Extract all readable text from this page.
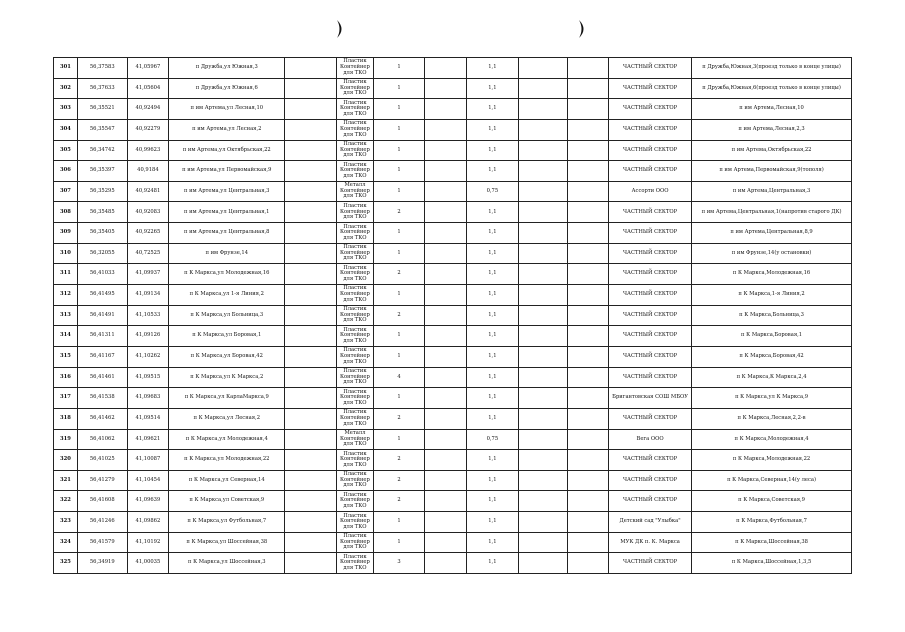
301	56,37583	41,05967	п Дружба,ул Южная,3		Пластик Контейнер для ТКО	1		1,1			ЧАСТНЫЙ СЕКТОР	п Дружба,Южная,3(проезд только в конце улицы)
302	56,37633	41,05604	п Дружба,ул Южная,6		Пластик Контейнер для ТКО	1		1,1			ЧАСТНЫЙ СЕКТОР	п Дружба,Южная,6(проезд только в конце улицы)
303	56,35521	40,92494	п им Артема,ул Лесная,10		Пластик Контейнер для ТКО	1		1,1			ЧАСТНЫЙ СЕКТОР	п им Артема,Лесная,10
304	56,35547	40,92279	п им Артема,ул Лесная,2		Пластик Контейнер для ТКО	1		1,1			ЧАСТНЫЙ СЕКТОР	п им Артема,Лесная,2,3
305	56,34742	40,99623	п им Артема,ул Октябрьская,22		Пластик Контейнер для ТКО	1		1,1			ЧАСТНЫЙ СЕКТОР	п им Артема,Октябрьская,22
306	56,35397	40,9184	п им Артема,ул Первомайская,9		Пластик Контейнер для ТКО	1		1,1			ЧАСТНЫЙ СЕКТОР	п им Артема,Первомайская,9(тополя)
307	56,35295	40,92481	п им Артема,ул Центральная,3		Металл Контейнер для ТКО	1		0,75			Ассорти ООО	п им Артема,Центральная,3
308	56,35485	40,92083	п им Артема,ул Центральная,1		Пластик Контейнер для ТКО	2		1,1			ЧАСТНЫЙ СЕКТОР	п им Артема,Центральная,1(напротив старого ДК)
309	56,35405	40,92265	п им Артема,ул Центральная,8		Пластик Контейнер для ТКО	1		1,1			ЧАСТНЫЙ СЕКТОР	п им Артема,Центральная,8,9
310	56,32055	40,72525	п им Фрунзе,14		Пластик Контейнер для ТКО	1		1,1			ЧАСТНЫЙ СЕКТОР	п им Фрунзе,14(у остановки)
311	56,41033	41,09937	п К Маркса,ул Молодежная,16		Пластик Контейнер для ТКО	2		1,1			ЧАСТНЫЙ СЕКТОР	п К Маркса,Молодежная,16
312	56,41495	41,09134	п К Маркса,ул 1-я Линия,2		Пластик Контейнер для ТКО	1		1,1			ЧАСТНЫЙ СЕКТОР	п К Маркса,1-я Линия,2
313	56,41491	41,10533	п К Маркса,ул Больница,3		Пластик Контейнер для ТКО	2		1,1			ЧАСТНЫЙ СЕКТОР	п К Маркса,Больница,3
314	56,41311	41,09126	п К Маркса,ул Боровая,1		Пластик Контейнер для ТКО	1		1,1			ЧАСТНЫЙ СЕКТОР	п К Маркса,Боровая,1
315	56,41167	41,10262	п К Маркса,ул Боровая,42		Пластик Контейнер для ТКО	1		1,1			ЧАСТНЫЙ СЕКТОР	п К Маркса,Боровая,42
316	56,41461	41,09515	п К Маркса,ул К Маркса,2		Пластик Контейнер для ТКО	4		1,1			ЧАСТНЫЙ СЕКТОР	п К Маркса,К Маркса,2,4
317	56,41538	41,09683	п К Маркса,ул КарлаМаркса,9		Пластик Контейнер для ТКО	1		1,1			Бригантовская СОШ МБОУ	п К Маркса,ул К Маркса,9
318	56,41462	41,09514	п К Маркса,ул Лесная,2		Пластик Контейнер для ТКО	2		1,1			ЧАСТНЫЙ СЕКТОР	п К Маркса,Лесная,2,2-в
319	56,41062	41,09621	п К Маркса,ул Молодежная,4		Металл Контейнер для ТКО	1		0,75			Вега ООО	п К Маркса,Молодежная,4
320	56,41025	41,10087	п К Маркса,ул Молодежная,22		Пластик Контейнер для ТКО	2		1,1			ЧАСТНЫЙ СЕКТОР	п К Маркса,Молодежная,22
321	56,41279	41,10454	п К Маркса,ул Северная,14		Пластик Контейнер для ТКО	2		1,1			ЧАСТНЫЙ СЕКТОР	п К Маркса,Северная,14(у леса)
322	56,41608	41,09639	п К Маркса,ул Советская,9		Пластик Контейнер для ТКО	2		1,1			ЧАСТНЫЙ СЕКТОР	п К Маркса,Советская,9
323	56,41246	41,09862	п К Маркса,ул Футбольная,7		Пластик Контейнер для ТКО	1		1,1			Детский сад "Улыбка"	п К Маркса,Футбольная,7
324	56,41579	41,10192	п К Маркса,ул Шоссейная,38		Пластик Контейнер для ТКО	1		1,1			МУК ДК п. К. Маркса	п К Маркса,Шоссейная,38
325	56,34919	41,00035	п К Маркса,ул Шоссейная,3		Пластик Контейнер для ТКО	3		1,1			ЧАСТНЫЙ СЕКТОР	п К Маркса,Шоссейная,1,3,5
